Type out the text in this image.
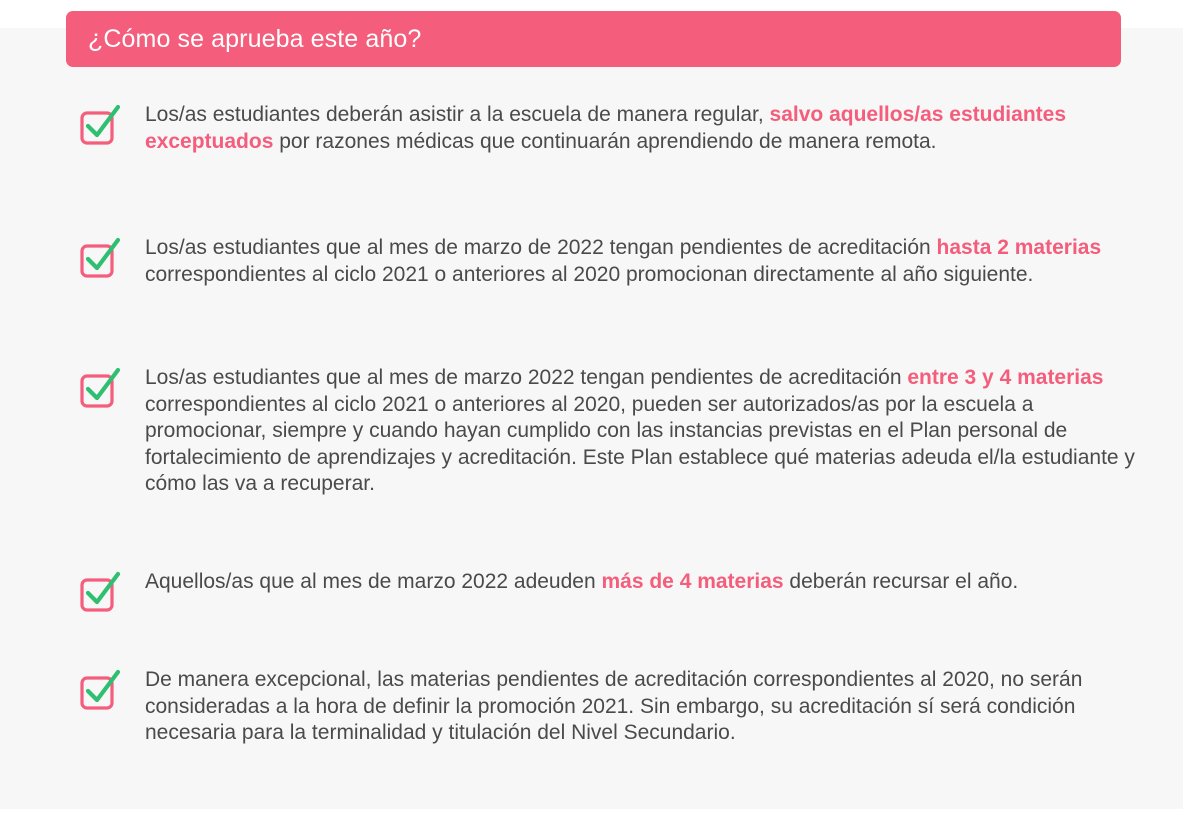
¿Cómo se aprueba este año?
Los/as estudiantes deberán asistir a la escuela de manera regular, salvo aquellos/as estudiantes exceptuados por razones médicas que continuarán aprendiendo de manera remota.
Los/as estudiantes que al mes de marzo de 2022 tengan pendientes de acreditación hasta 2 materias correspondientes al ciclo 2021 o anteriores al 2020 promocionan directamente al año siguiente.
Los/as estudiantes que al mes de marzo 2022 tengan pendientes de acreditación entre 3 y 4 materias correspondientes al ciclo 2021 o anteriores al 2020, pueden ser autorizados/as por la escuela a promocionar, siempre y cuando hayan cumplido con las instancias previstas en el Plan personal de fortalecimiento de aprendizajes y acreditación. Este Plan establece qué materias adeuda el/la estudiante y cómo las va a recuperar.
Aquellos/as que al mes de marzo 2022 adeuden más de 4 materias deberán recursar el año.
De manera excepcional, las materias pendientes de acreditación correspondientes al 2020, no serán consideradas a la hora de definir la promoción 2021. Sin embargo, su acreditación sí será condición necesaria para la terminalidad y titulación del Nivel Secundario.
